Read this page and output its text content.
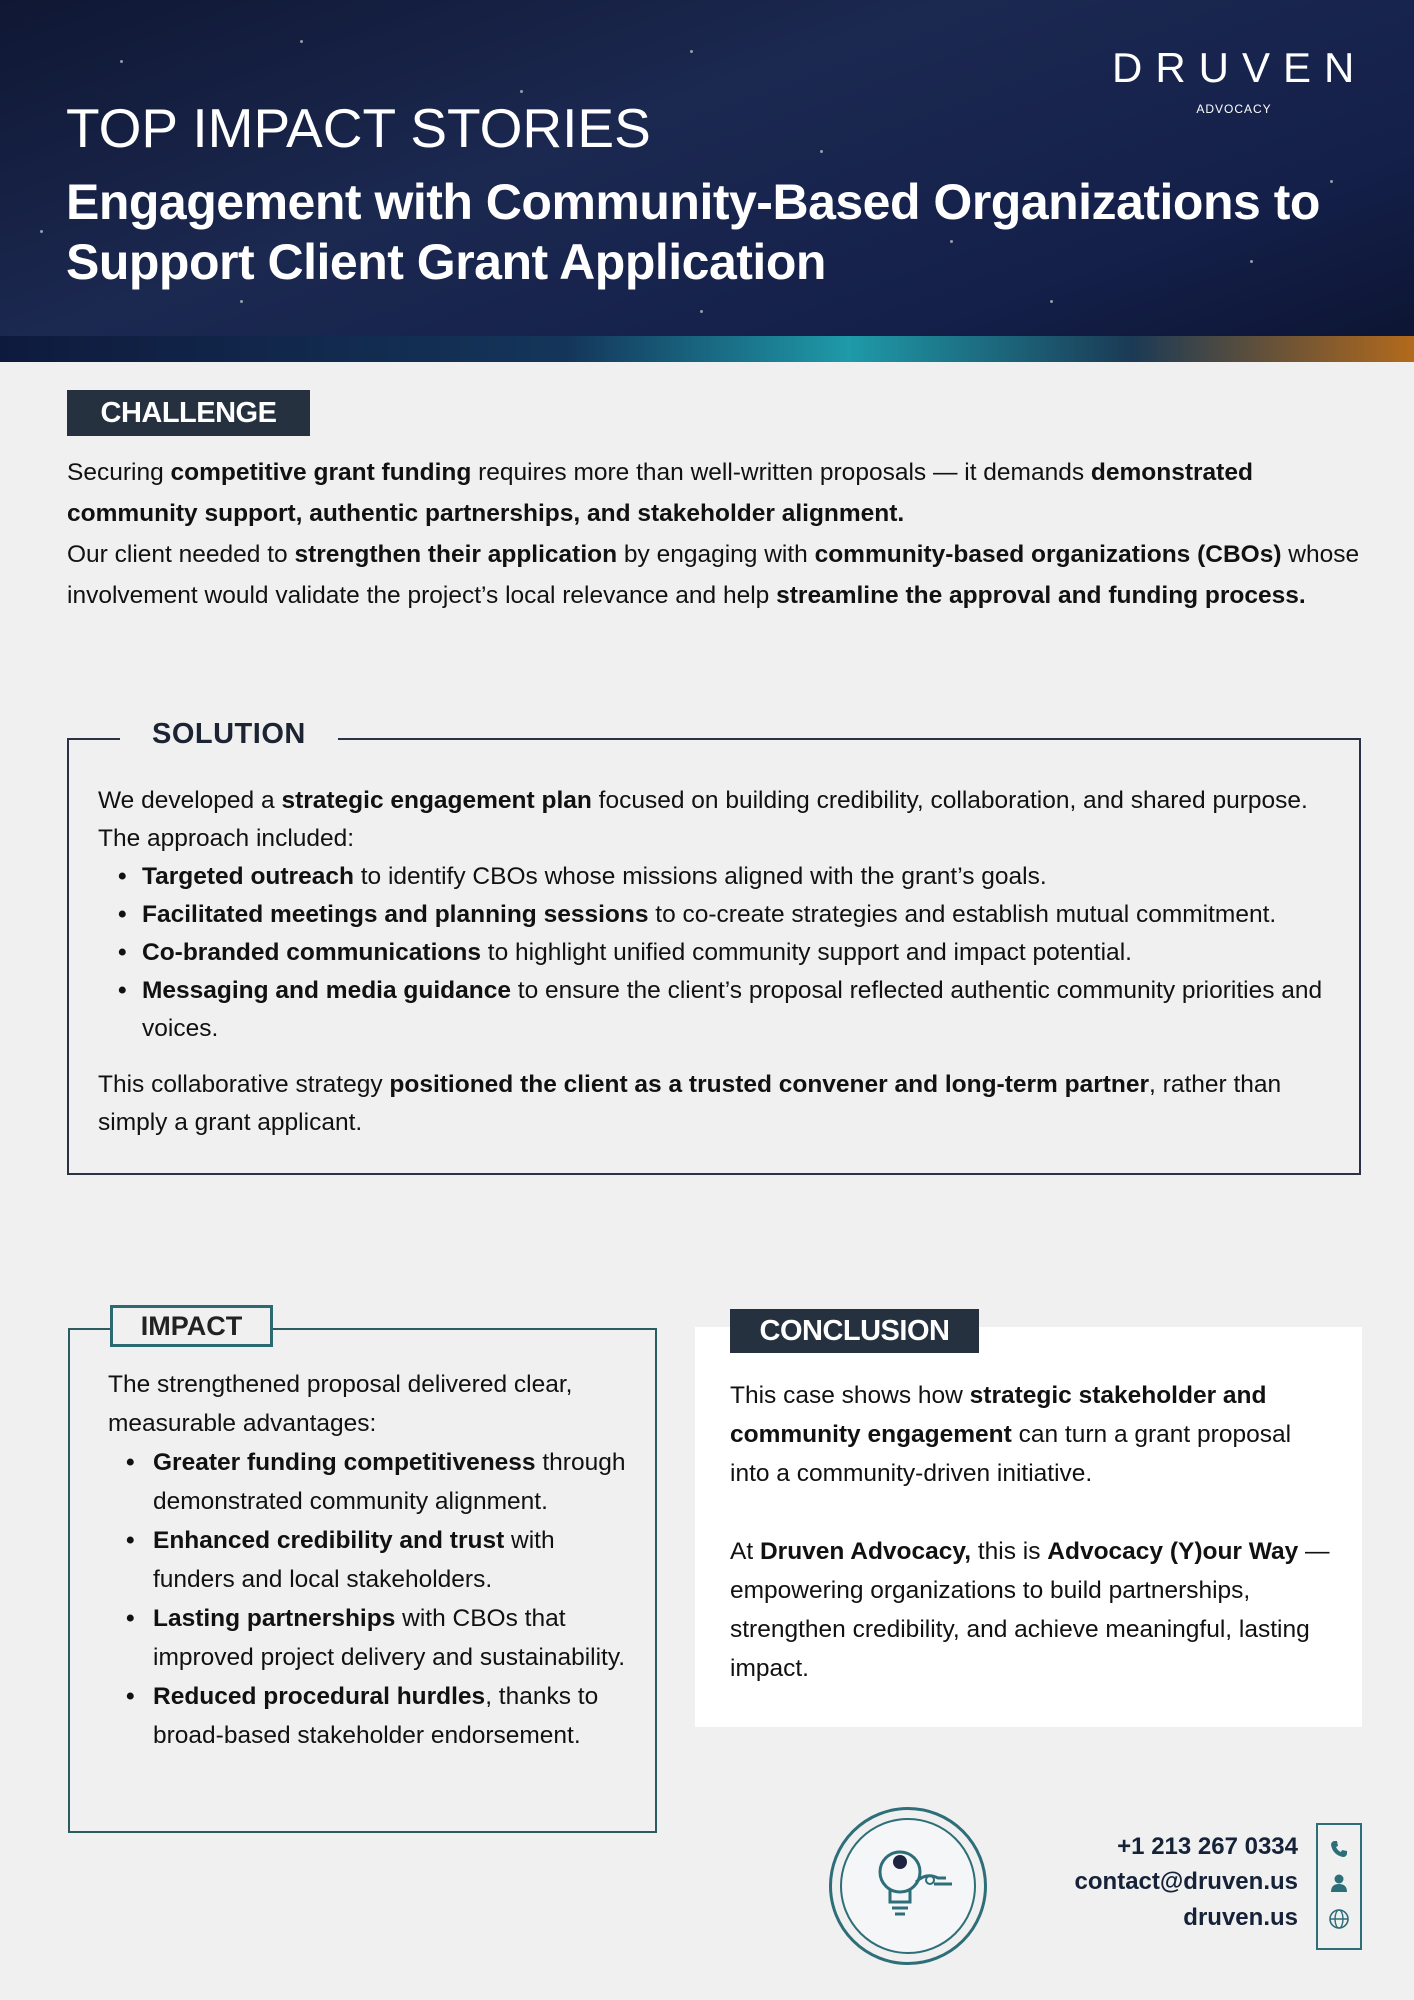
DRUVEN
ADVOCACY
TOP IMPACT STORIES
Engagement with Community-Based Organizations to
Support Client Grant Application
CHALLENGE
Securing competitive grant funding requires more than well-written proposals — it demands demonstrated community support, authentic partnerships, and stakeholder alignment.
Our client needed to strengthen their application by engaging with community-based organizations (CBOs) whose involvement would validate the project’s local relevance and help streamline the approval and funding process.
SOLUTION
We developed a strategic engagement plan focused on building credibility, collaboration, and shared purpose. The approach included:
• Targeted outreach to identify CBOs whose missions aligned with the grant’s goals.
• Facilitated meetings and planning sessions to co-create strategies and establish mutual commitment.
• Co-branded communications to highlight unified community support and impact potential.
• Messaging and media guidance to ensure the client’s proposal reflected authentic community priorities and voices.
This collaborative strategy positioned the client as a trusted convener and long-term partner, rather than simply a grant applicant.
IMPACT
The strengthened proposal delivered clear, measurable advantages:
• Greater funding competitiveness through demonstrated community alignment.
• Enhanced credibility and trust with funders and local stakeholders.
• Lasting partnerships with CBOs that improved project delivery and sustainability.
• Reduced procedural hurdles, thanks to broad-based stakeholder endorsement.
CONCLUSION
This case shows how strategic stakeholder and community engagement can turn a grant proposal into a community-driven initiative.
At Druven Advocacy, this is Advocacy (Y)our Way — empowering organizations to build partnerships, strengthen credibility, and achieve meaningful, lasting impact.
+1 213 267 0334
contact@druven.us
druven.us
